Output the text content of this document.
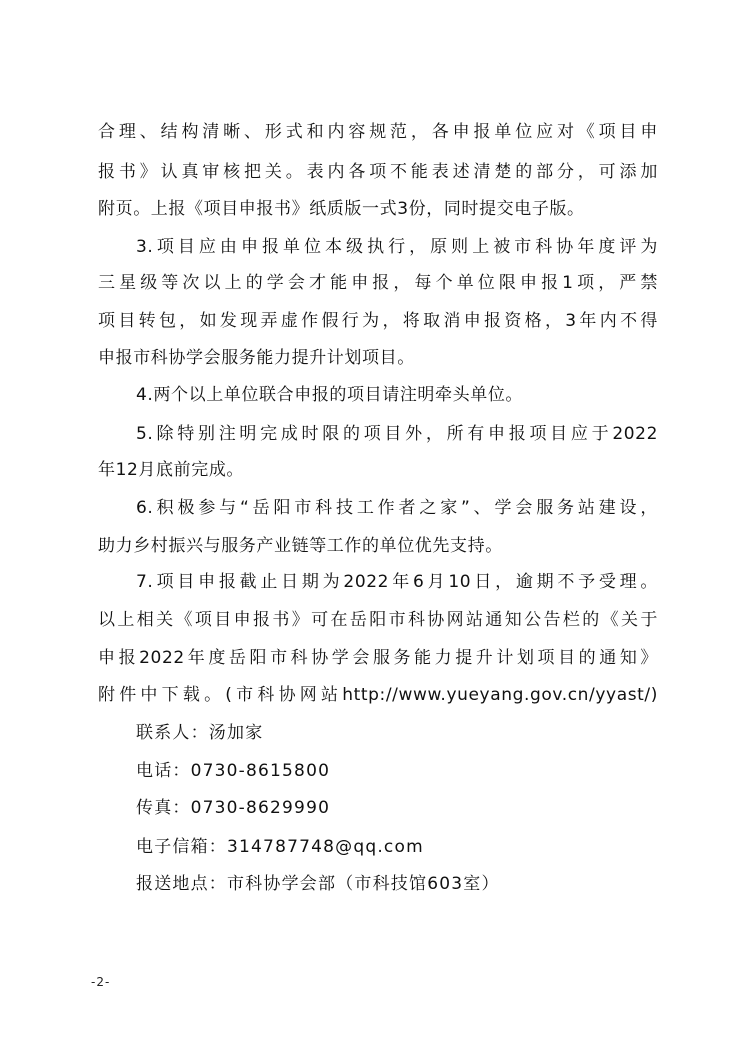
合理、结构清晰、形式和内容规范，各申报单位应对《项目申
报书》认真审核把关。表内各项不能表述清楚的部分，可添加
附页。上报《项目申报书》纸质版一式3份，同时提交电子版。
3.项目应由申报单位本级执行，原则上被市科协年度评为
三星级等次以上的学会才能申报，每个单位限申报1项，严禁
项目转包，如发现弄虚作假行为，将取消申报资格，3年内不得
申报市科协学会服务能力提升计划项目。
4.两个以上单位联合申报的项目请注明牵头单位。
5.除特别注明完成时限的项目外，所有申报项目应于2022
年12月底前完成。
6.积极参与“岳阳市科技工作者之家”、学会服务站建设，
助力乡村振兴与服务产业链等工作的单位优先支持。
7.项目申报截止日期为2022年6月10日，逾期不予受理。
以上相关《项目申报书》可在岳阳市科协网站通知公告栏的《关于
申报2022年度岳阳市科协学会服务能力提升计划项目的通知》
附件中下载。(市科协网站http://www.yueyang.gov.cn/yyast/)
联系人：汤加家
电话：0730-8615800
传真：0730-8629990
电子信箱：314787748@qq.com
报送地点：市科协学会部（市科技馆603室）
-2-
